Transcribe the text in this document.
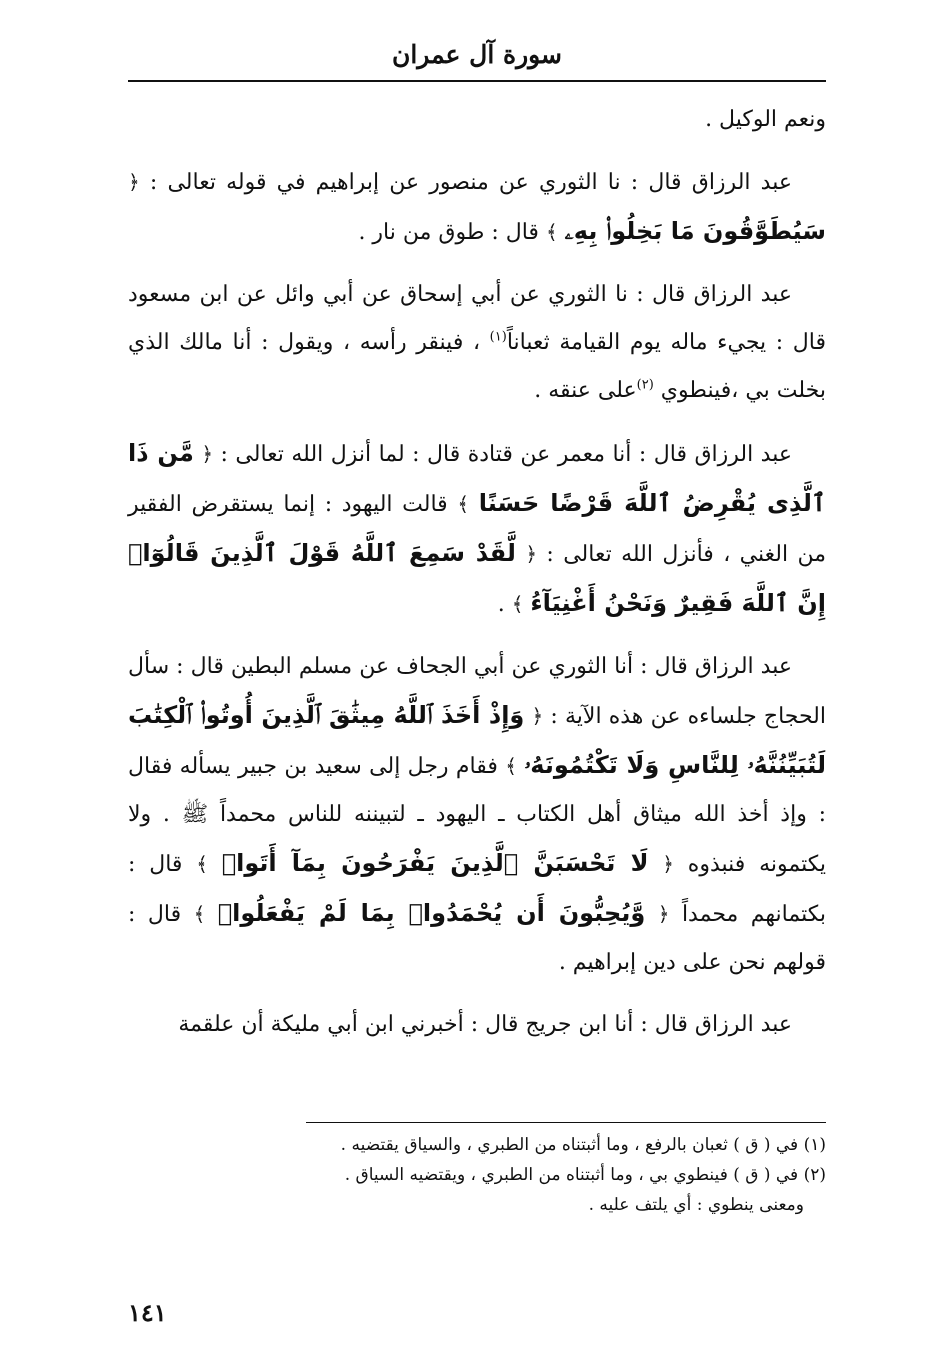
سورة آل عمران

ونعم الوكيل .

عبد الرزاق قال : نا الثوري عن منصور عن إبراهيم في قوله تعالى : ﴿ سَيُطَوَّقُونَ مَا بَخِلُوا۟ بِهِۦ ﴾ قال : طوق من نار .

عبد الرزاق قال : نا الثوري عن أبي إسحاق عن أبي وائل عن ابن مسعود قال : يجيء ماله يوم القيامة ثعباناً$^{(١)}$ ، فينقر رأسه ، ويقول : أنا مالك الذي بخلت بي ،فينطوي $^{(٢)}$على عنقه .

عبد الرزاق قال : أنا معمر عن قتادة قال : لما أنزل الله تعالى : ﴿ مَّن ذَا ٱلَّذِى يُقْرِضُ ٱللَّهَ قَرْضًا حَسَنًا ﴾ قالت اليهود : إنما يستقرض الفقير من الغني ، فأنزل الله تعالى : ﴿ لَّقَدْ سَمِعَ ٱللَّهُ قَوْلَ ٱلَّذِينَ قَالُوٓا۟ إِنَّ ٱللَّهَ فَقِيرٌ وَنَحْنُ أَغْنِيَآءُ ﴾ .

عبد الرزاق قال : أنا الثوري عن أبي الجحاف عن مسلم البطين قال : سأل الحجاج جلساءه عن هذه الآية : ﴿ وَإِذْ أَخَذَ ٱللَّهُ مِيثَٰقَ ٱلَّذِينَ أُوتُوا۟ ٱلْكِتَٰبَ لَتُبَيِّنُنَّهُۥ لِلنَّاسِ وَلَا تَكْتُمُونَهُۥ ﴾ فقام رجل إلى سعيد بن جبير يسأله فقال : وإذ أخذ الله ميثاق أهل الكتاب ـ اليهود ـ لتبيننه للناس محمداً ﷺ . ولا يكتمونه فنبذوه ﴿ لَا تَحْسَبَنَّ ٱلَّذِينَ يَفْرَحُونَ بِمَآ أَتَوا۟ ﴾ قال : بكتمانهم محمداً ﴿ وَّيُحِبُّونَ أَن يُحْمَدُوا۟ بِمَا لَمْ يَفْعَلُوا۟ ﴾ قال : قولهم نحن على دين إبراهيم .

عبد الرزاق قال : أنا ابن جريج قال : أخبرني ابن أبي مليكة أن علقمة

(١) في ( ق ) ثعبان بالرفع ، وما أثبتناه من الطبري ، والسياق يقتضيه .

(٢) في ( ق ) فينطوي بي ، وما أثبتناه من الطبري ، ويقتضيه السياق .

ومعنى ينطوي : أي يلتف عليه .

١٤١
